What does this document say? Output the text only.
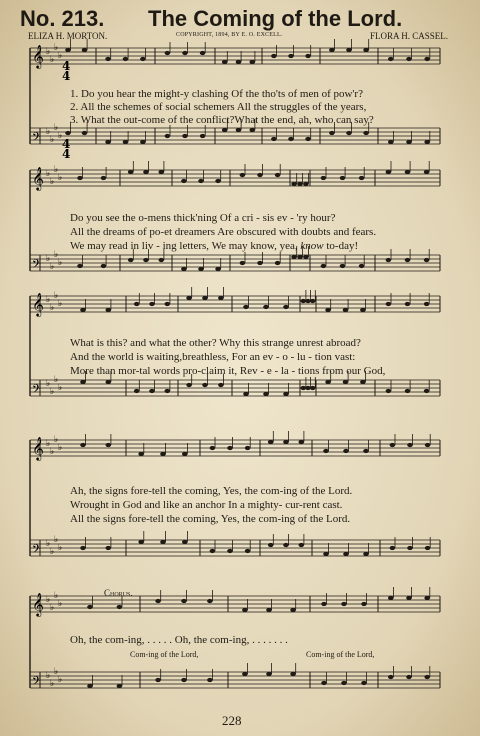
No. 213. The Coming of the Lord.
ELIZA H. MORTON.	COPYRIGHT, 1894, BY E. O. EXCELL.	FLORA H. CASSEL.
𝄞 ♭
♭
♭
♭
𝄢 ♭
♭
♭
♭
𝄞 ♭
♭
♭
♭
𝄢 ♭
♭
♭
♭
𝄞 ♭
♭
♭
♭
𝄢 ♭
♭
♭
♭
𝄞 ♭
♭
♭
♭
𝄢 ♭
♭
♭
♭
𝄞 ♭
♭
♭
♭
𝄢 ♭
♭
♭
♭
4
4
4
4
1. Do you hear the might-y clashing Of the tho'ts of men of pow'r?
2. All the schemes of social schemers All the struggles of the years,
3. What the out-come of the conflict?What the end, ah, who can say?
Do you see the o-mens thick'ning Of a cri - sis ev - 'ry hour?
All the dreams of po-et dreamers Are obscured with doubts and fears.
We may read in liv - ing letters, We may know, yea, know to-day!
What is this? and what the other? Why this strange unrest abroad?
And the world is waiting,breathless, For an ev - o - lu - tion vast:
More than mor-tal words pro-claim it, Rev - e - la - tions from our God,
Ah, the signs fore-tell the coming, Yes, the com-ing of the Lord.
Wrought in God and like an anchor In a mighty- cur-rent cast.
All the signs fore-tell the coming, Yes, the com-ing of the Lord.
Chorus.
Oh, the com-ing, . . . . . Oh, the com-ing, . . . . . . .
Com-ing of the Lord,	Com-ing of the Lord,
228
